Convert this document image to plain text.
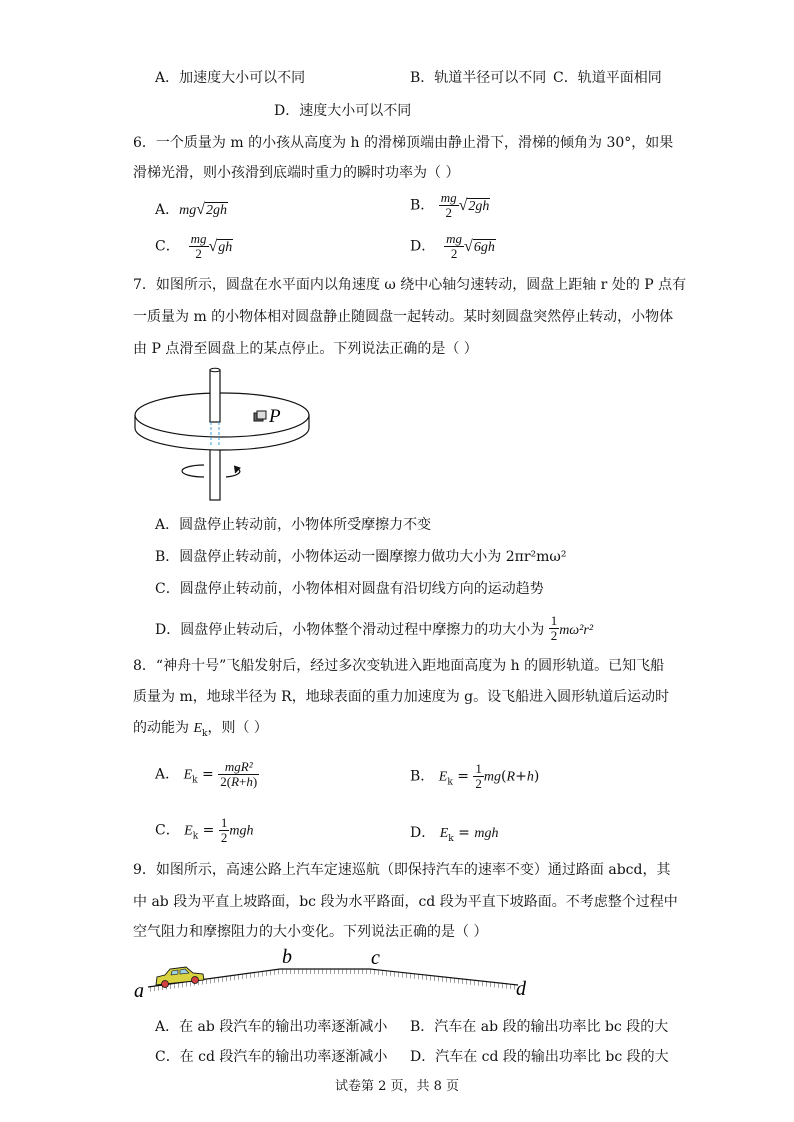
A．加速度大小可以不同	B．轨道半径可以不同 C．轨道平面相同
D．速度大小可以不同
6．一个质量为 m 的小孩从高度为 h 的滑梯顶端由静止滑下，滑梯的倾角为 30°，如果
滑梯光滑，则小孩滑到底端时重力的瞬时功率为（ ）
A．mg√2gh	B． $\frac{mg}{2} √2gh$
C． $\frac{mg}{2} √gh$	D． $\frac{mg}{2} √6gh$
7．如图所示，圆盘在水平面内以角速度 ω 绕中心轴匀速转动，圆盘上距轴 r 处的 P 点有
一质量为 m 的小物体相对圆盘静止随圆盘一起转动。某时刻圆盘突然停止转动，小物体
由 P 点滑至圆盘上的某点停止。下列说法正确的是（ ）
P
A．圆盘停止转动前，小物体所受摩擦力不变
B．圆盘停止转动前，小物体运动一圈摩擦力做功大小为 2πr²mω²
C．圆盘停止转动前，小物体相对圆盘有沿切线方向的运动趋势
D．圆盘停止转动后，小物体整个滑动过程中摩擦力的功大小为 $\frac{1}{2} m\omega^2r^2$
8．“神舟十号”飞船发射后，经过多次变轨进入距地面高度为 h 的圆形轨道。已知飞船
质量为 m，地球半径为 R，地球表面的重力加速度为 g。设飞船进入圆形轨道后运动时
的动能为 $E_k$，则（ ）
A． $E_k = \frac{\text{mgR²}}{2(R+h)}$	B． $E_k = \frac{1}{2} mg(R+h)$
C． $E_k = \frac{1}{2}$ mgh	D． $E_k$ = mgh
9．如图所示，高速公路上汽车定速巡航（即保持汽车的速率不变）通过路面 abcd，其
中 ab 段为平直上坡路面，bc 段为水平路面，cd 段为平直下坡路面。不考虑整个过程中
空气阻力和摩擦阻力的大小变化。下列说法正确的是（ ）
a
b	c
d
A．在 ab 段汽车的输出功率逐渐减小 B．汽车在 ab 段的输出功率比 bc 段的大
C．在 cd 段汽车的输出功率逐渐减小 D．汽车在 cd 段的输出功率比 bc 段的大
试卷第 2 页，共 8 页
